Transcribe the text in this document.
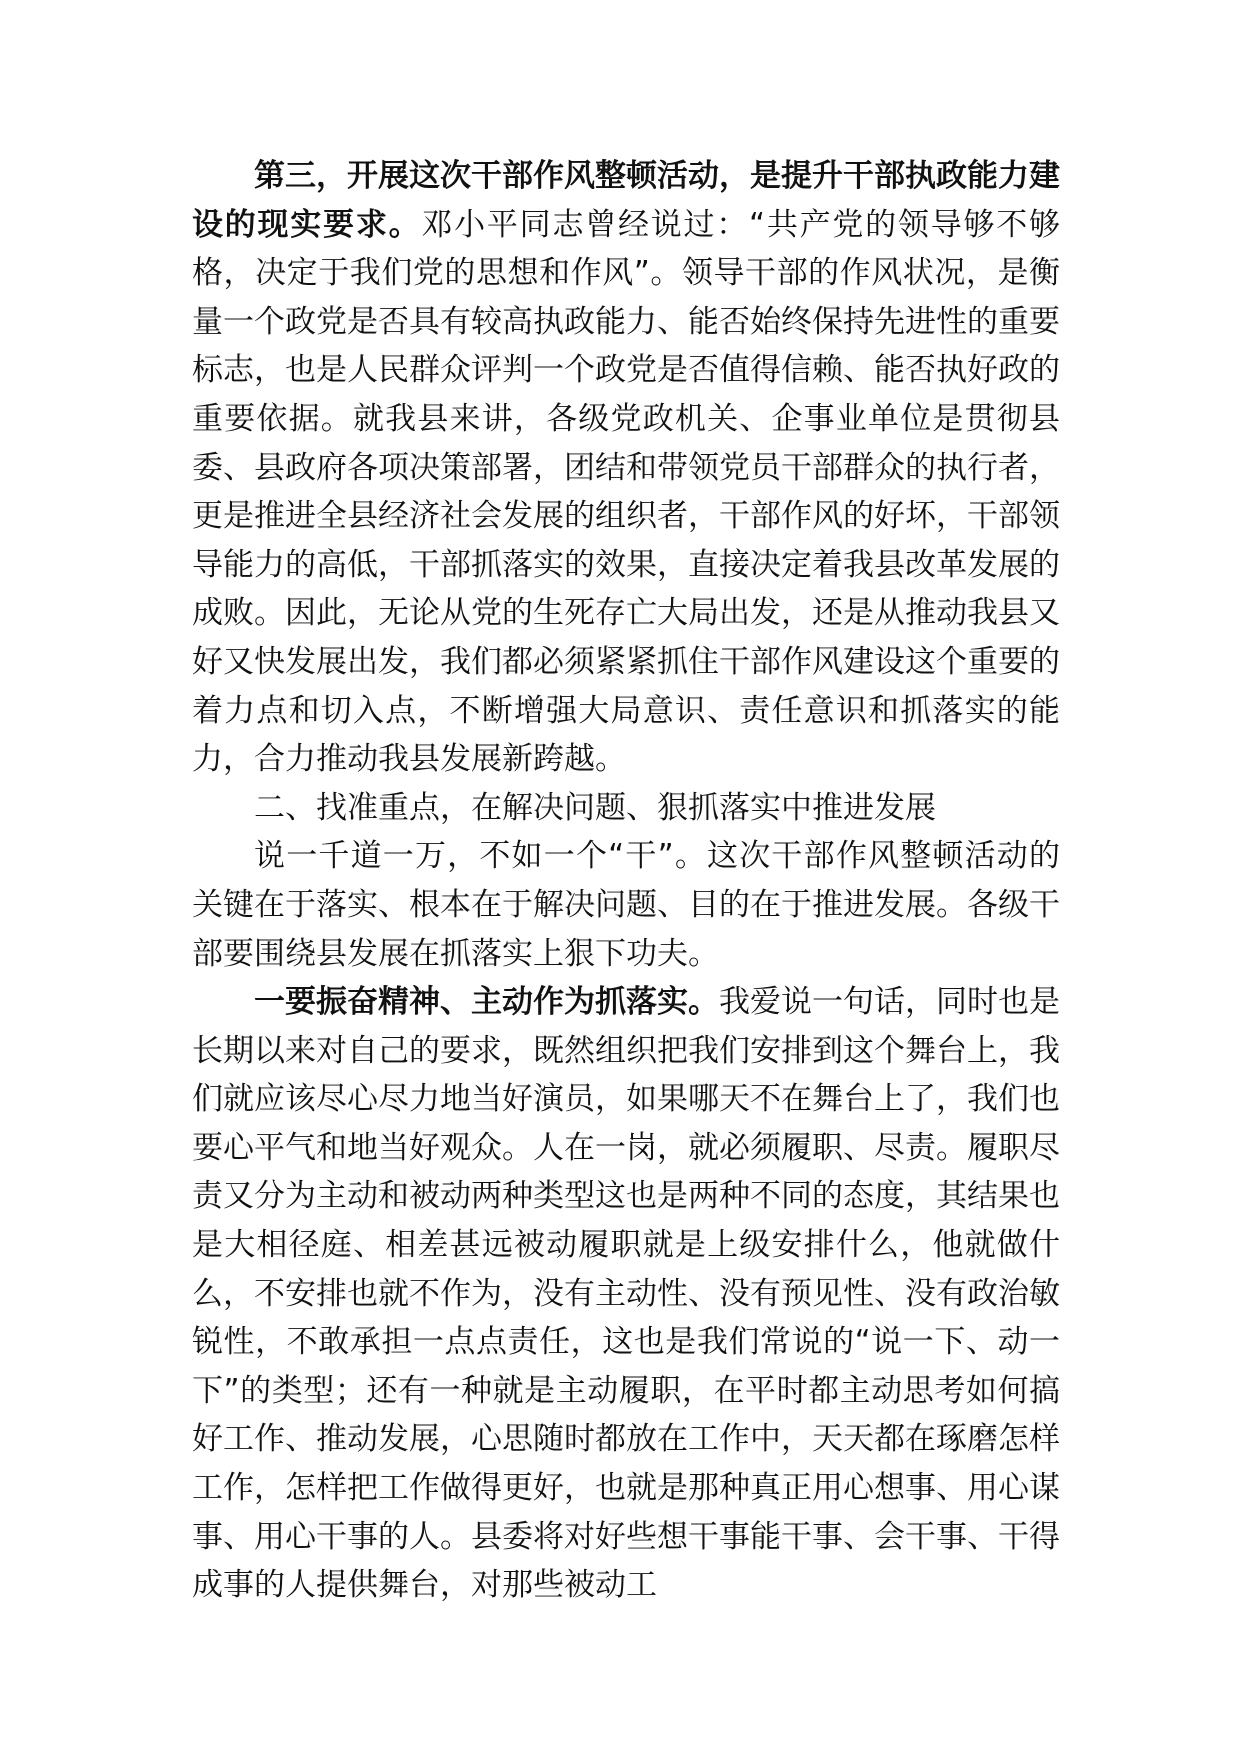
第三，开展这次干部作风整顿活动，是提升干部执政能力建设的现实要求。邓小平同志曾经说过：“共产党的领导够不够格，决定于我们党的思想和作风”。领导干部的作风状况，是衡量一个政党是否具有较高执政能力、能否始终保持先进性的重要标志，也是人民群众评判一个政党是否值得信赖、能否执好政的重要依据。就我县来讲，各级党政机关、企事业单位是贯彻县委、县政府各项决策部署，团结和带领党员干部群众的执行者，更是推进全县经济社会发展的组织者，干部作风的好坏，干部领导能力的高低，干部抓落实的效果，直接决定着我县改革发展的成败。因此，无论从党的生死存亡大局出发，还是从推动我县又好又快发展出发，我们都必须紧紧抓住干部作风建设这个重要的着力点和切入点，不断增强大局意识、责任意识和抓落实的能力，合力推动我县发展新跨越。

二、找准重点，在解决问题、狠抓落实中推进发展

说一千道一万，不如一个“干”。这次干部作风整顿活动的关键在于落实、根本在于解决问题、目的在于推进发展。各级干部要围绕县发展在抓落实上狠下功夫。

一要振奋精神、主动作为抓落实。我爱说一句话，同时也是长期以来对自己的要求，既然组织把我们安排到这个舞台上，我们就应该尽心尽力地当好演员，如果哪天不在舞台上了，我们也要心平气和地当好观众。人在一岗，就必须履职、尽责。履职尽责又分为主动和被动两种类型这也是两种不同的态度，其结果也是大相径庭、相差甚远被动履职就是上级安排什么，他就做什么，不安排也就不作为，没有主动性、没有预见性、没有政治敏锐性，不敢承担一点点责任，这也是我们常说的“说一下、动一下”的类型；还有一种就是主动履职，在平时都主动思考如何搞好工作、推动发展，心思随时都放在工作中，天天都在琢磨怎样工作，怎样把工作做得更好，也就是那种真正用心想事、用心谋事、用心干事的人。县委将对好些想干事能干事、会干事、干得成事的人提供舞台，对那些被动工
